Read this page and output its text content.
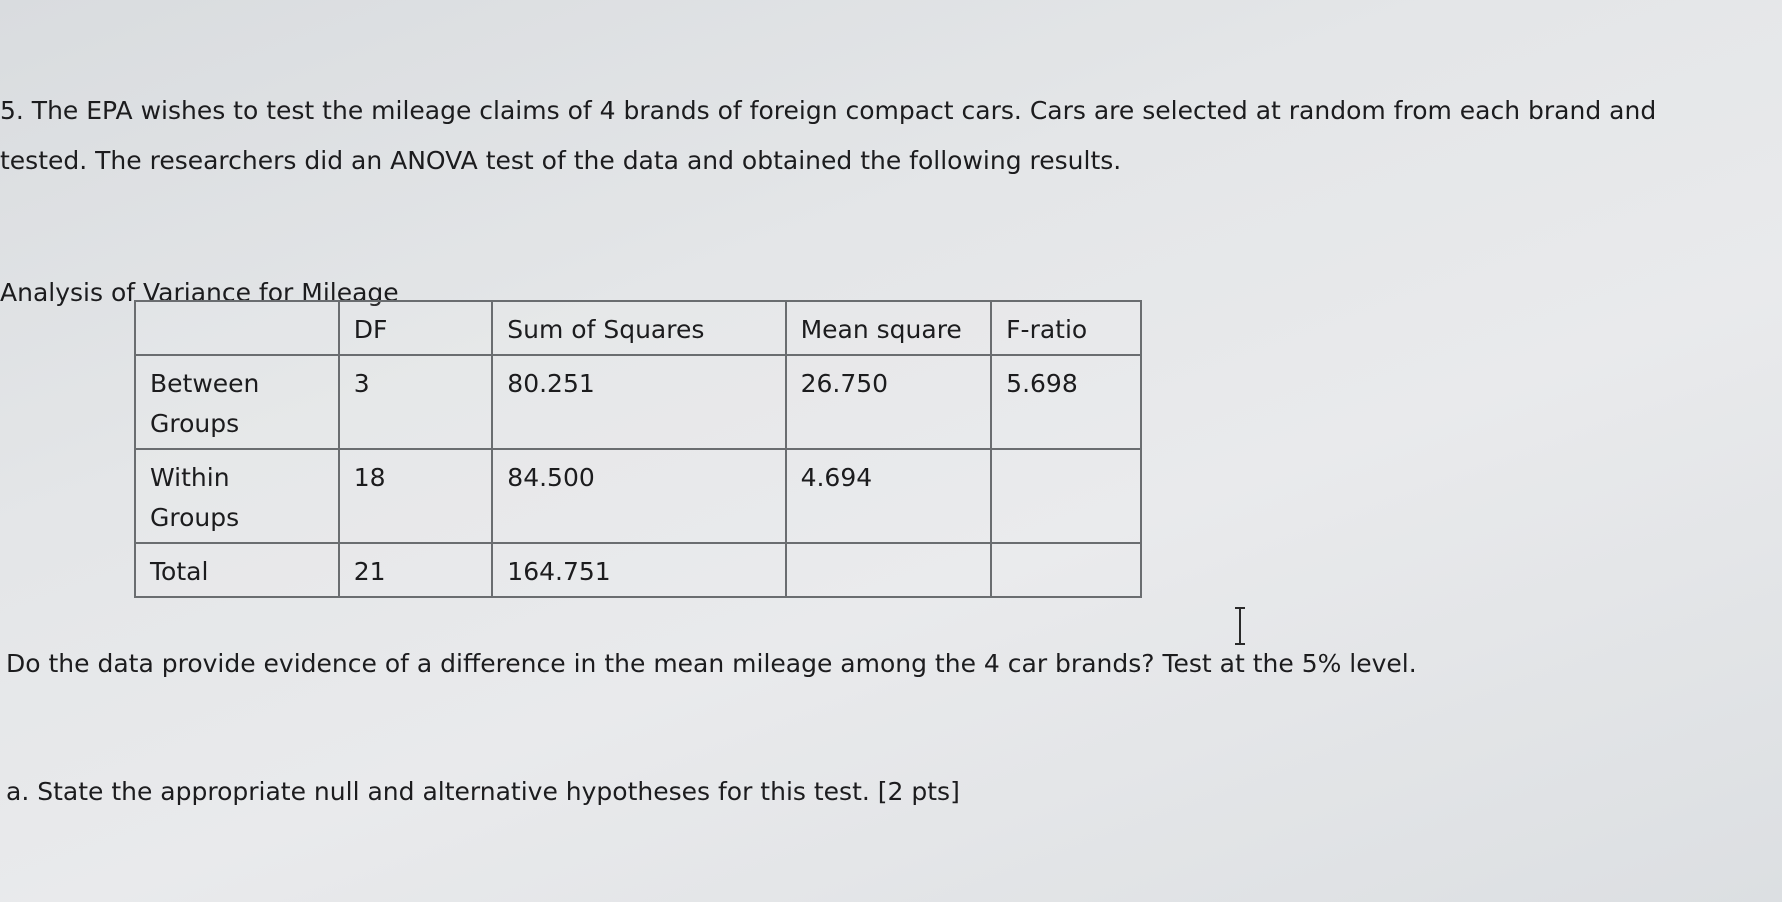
5. The EPA wishes to test the mileage claims of 4 brands of foreign compact cars. Cars are selected at random from each brand and
tested. The researchers did an ANOVA test of the data and obtained the following results.
Analysis of Variance for Mileage
	DF	Sum of Squares	Mean square	F-ratio
Between Groups	3	80.251	26.750	5.698
Within Groups	18	84.500	4.694	
Total	21	164.751		
Do the data provide evidence of a difference in the mean mileage among the 4 car brands? Test at the 5% level.
a. State the appropriate null and alternative hypotheses for this test. [2 pts]
